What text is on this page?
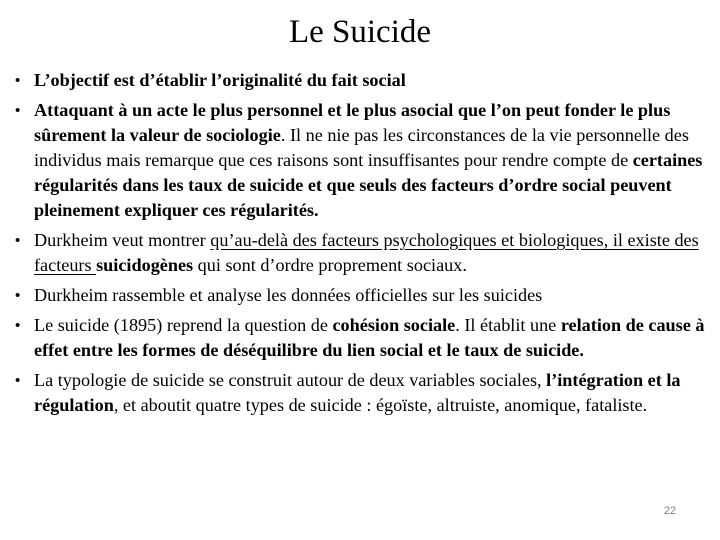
Le Suicide
• L’objectif est d’établir l’originalité du fait social
• Attaquant à un acte le plus personnel et le plus asocial que l’on peut fonder le plus sûrement la valeur de sociologie. Il ne nie pas les circonstances de la vie personnelle des individus mais remarque que ces raisons sont insuffisantes pour rendre compte de certaines régularités dans les taux de suicide et que seuls des facteurs d’ordre social peuvent pleinement expliquer ces régularités.
• Durkheim veut montrer qu’au-delà des facteurs psychologiques et biologiques, il existe des facteurs suicidogènes qui sont d’ordre proprement sociaux.
• Durkheim rassemble et analyse les données officielles sur les suicides
• Le suicide (1895) reprend la question de cohésion sociale. Il établit une relation de cause à effet entre les formes de déséquilibre du lien social et le taux de suicide.
• La typologie de suicide se construit autour de deux variables sociales, l’intégration et la régulation, et aboutit quatre types de suicide : égoïste, altruiste, anomique, fataliste.
22
